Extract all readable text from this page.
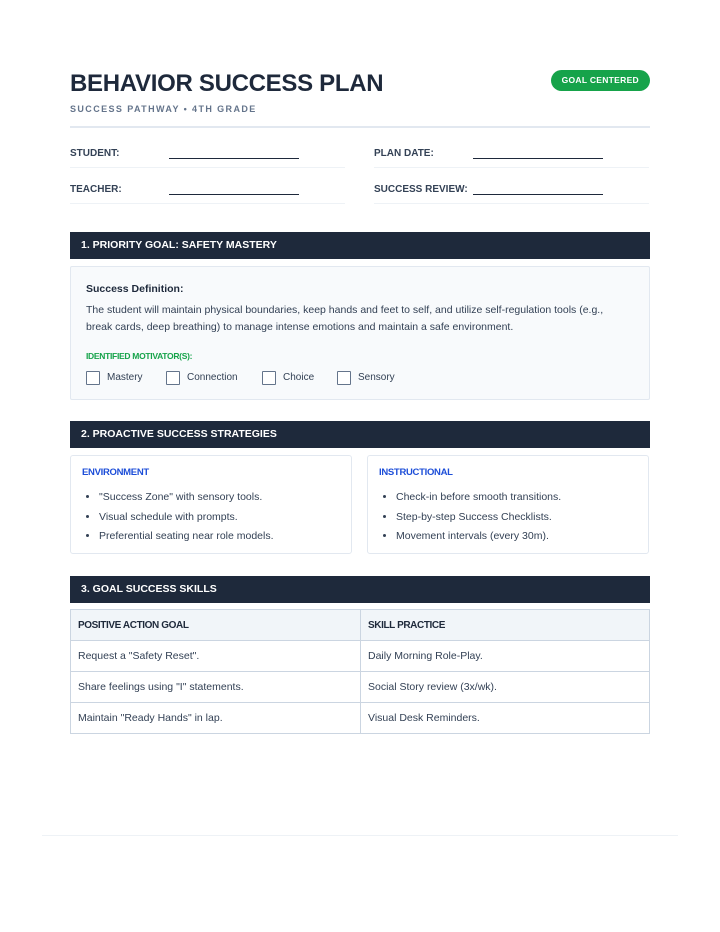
BEHAVIOR SUCCESS PLAN
SUCCESS PATHWAY • 4TH GRADE
GOAL CENTERED
STUDENT:	PLAN DATE:
TEACHER:	SUCCESS REVIEW:
1. PRIORITY GOAL: SAFETY MASTERY
Success Definition:
The student will maintain physical boundaries, keep hands and feet to self, and utilize self-regulation tools (e.g., break cards, deep breathing) to manage intense emotions and maintain a safe environment.
IDENTIFIED MOTIVATOR(S):
Mastery	Connection	Choice	Sensory
2. PROACTIVE SUCCESS STRATEGIES
ENVIRONMENT
• "Success Zone" with sensory tools.
• Visual schedule with prompts.
• Preferential seating near role models.
INSTRUCTIONAL
• Check-in before smooth transitions.
• Step-by-step Success Checklists.
• Movement intervals (every 30m).
3. GOAL SUCCESS SKILLS
POSITIVE ACTION GOAL	SKILL PRACTICE
Request a "Safety Reset".	Daily Morning Role-Play.
Share feelings using "I" statements.	Social Story review (3x/wk).
Maintain "Ready Hands" in lap.	Visual Desk Reminders.
